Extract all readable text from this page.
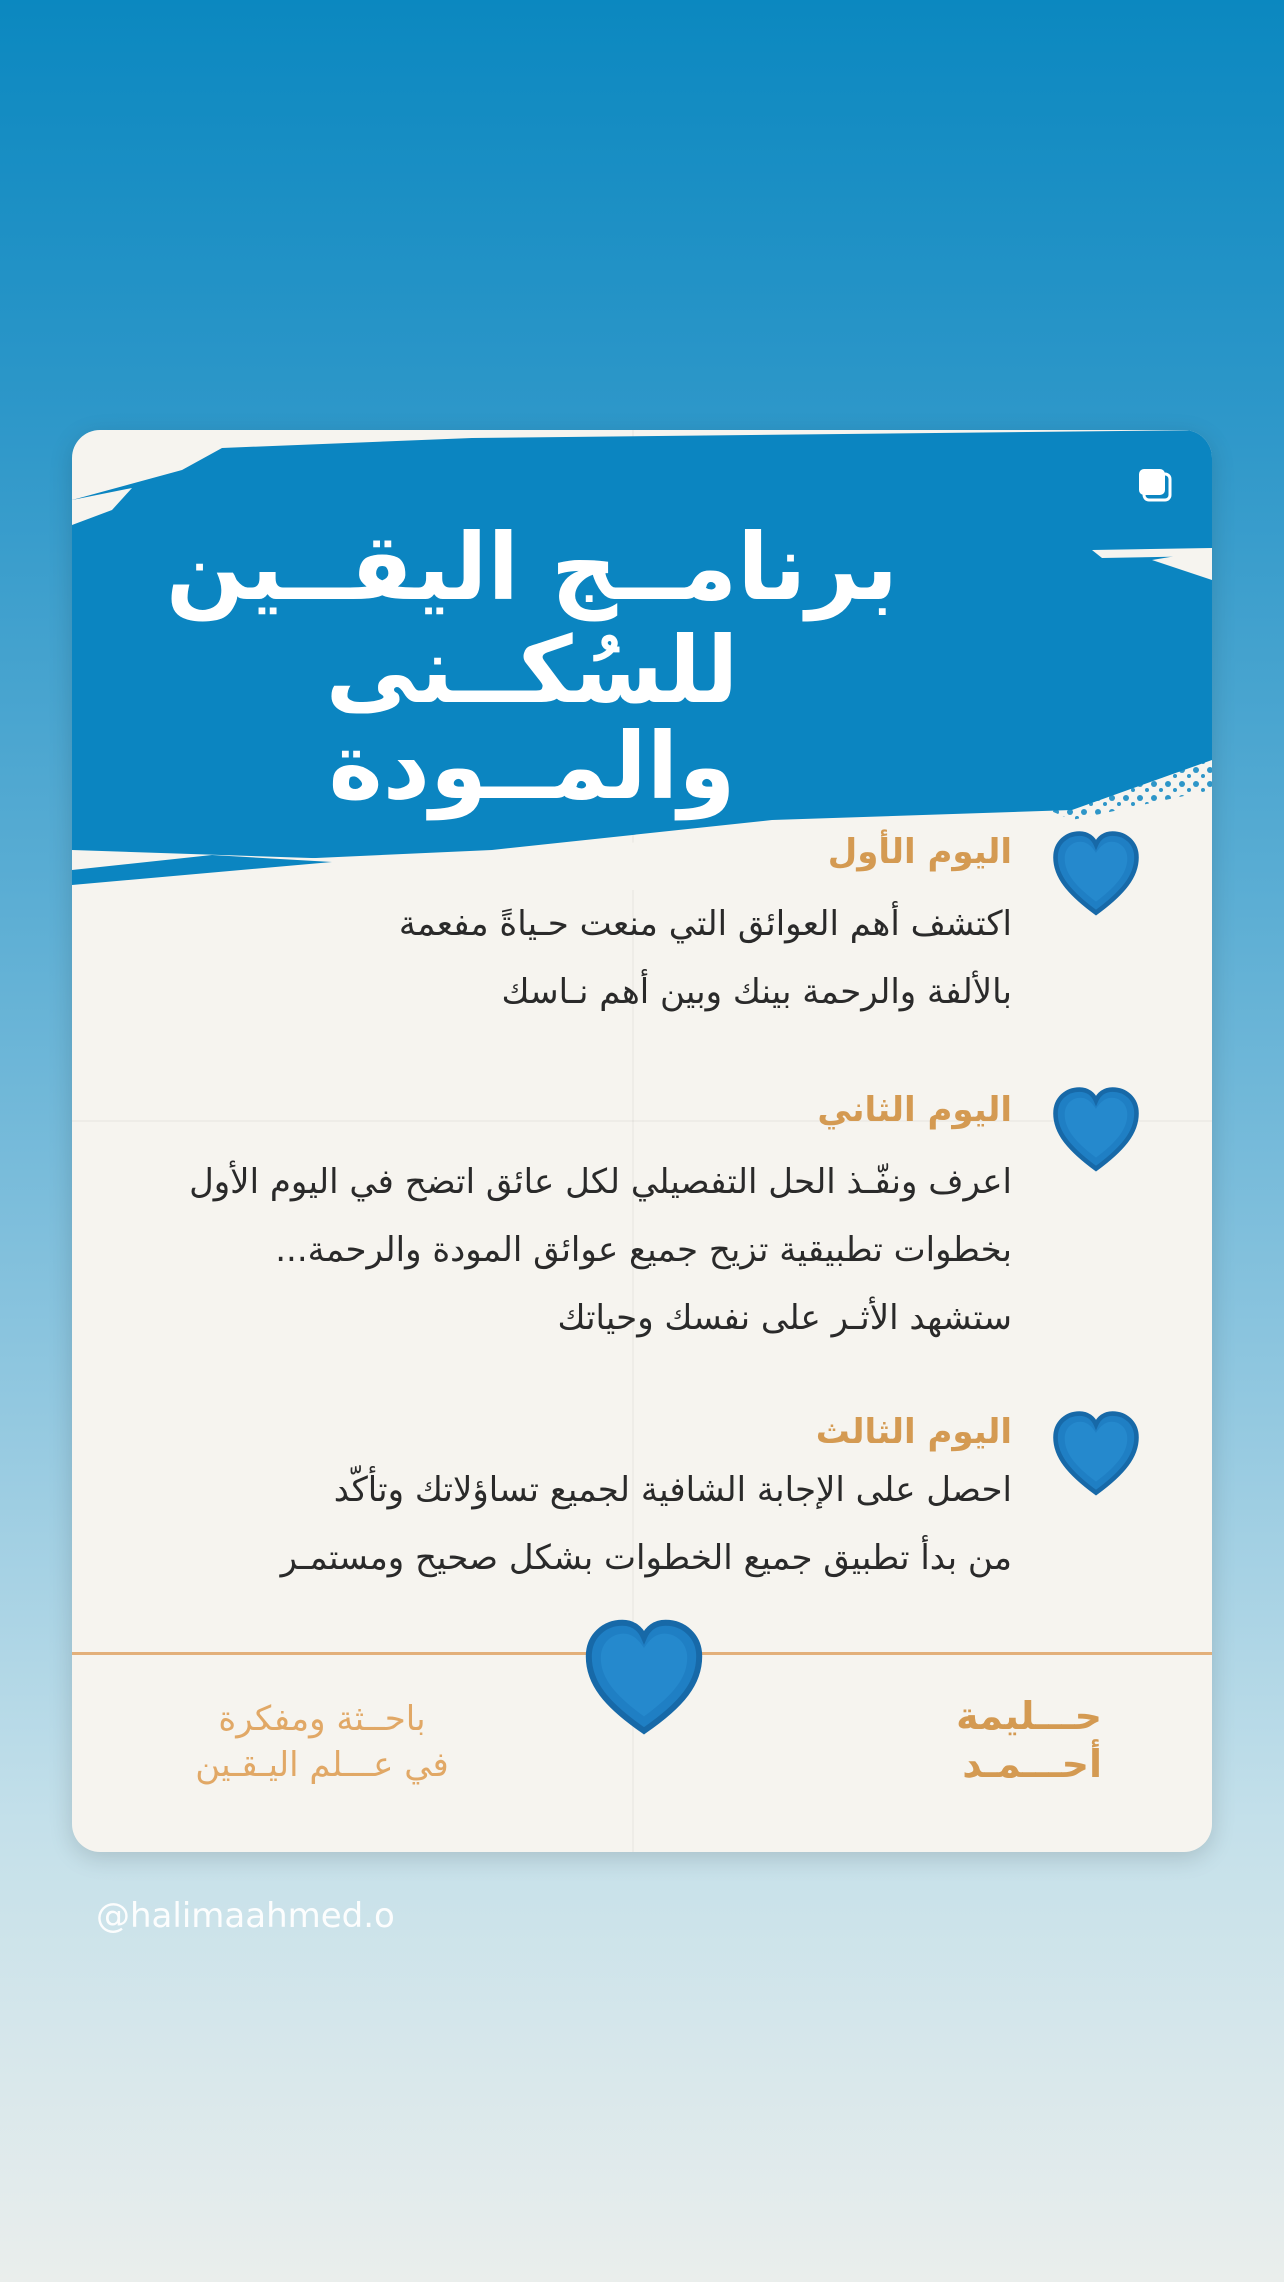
برنامــج اليقــين
للسُكــنى والمــودة
اليوم الأول
اكتشف أهم العوائق التي منعت حـياةً مفعمة
بالألفة والرحمة بينك وبين أهم نـاسك
اليوم الثاني
اعرف ونفّـذ الحل التفصيلي لكل عائق اتضح في اليوم الأول
بخطوات تطبيقية تزيح جميع عوائق المودة والرحمة...
ستشهد الأثـر على نفسك وحياتك
اليوم الثالث
احصل على الإجابة الشافية لجميع تساؤلاتك وتأكّد
من بدأ تطبيق جميع الخطوات بشكل صحيح ومستمـر
حـــليمة
أحـــمـد
باحــثة ومفكرة
في عـــلم اليـقـين
@halimaahmed.o
